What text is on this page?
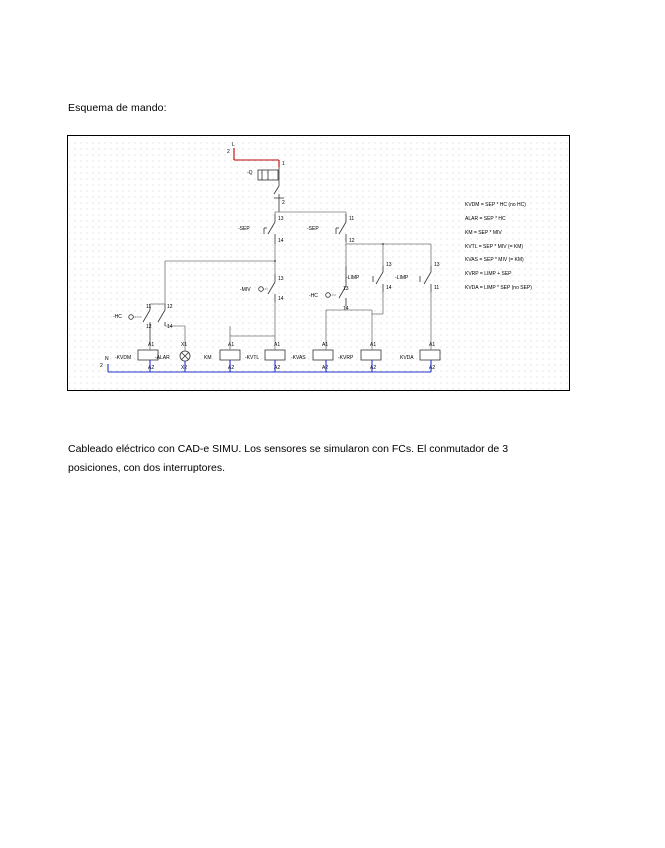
Esquema de mando:
2
L
-Q
1
2
-SEP
13
14
-SEP
11
12
-MIV
13
14	-HC
13
14
-LIMP
13
14
-LIMP
13
11
-HC
11	12
12	14
-KVDM
A1
A2
-ALAR
X1
X2
KM
A1
A2
-KVTL
A1
A2
-KVAS
A1
A2
-KVRP
A1
A2
KVDA
A1
A2
N
2
KVDM = SEP * HC (no HC)
ALAR = SEP * HC
KM = SEP * MIV
KVTL = SEP * MIV (= KM)
KVAS = SEP * MIV (= KM)
KVRP = LIMP + SEP
KVDA = LIMP * SEP (no SEP)

Cableado eléctrico con CAD-e SIMU. Los sensores se simularon con FCs. El conmutador de 3

posiciones, con dos interruptores.
